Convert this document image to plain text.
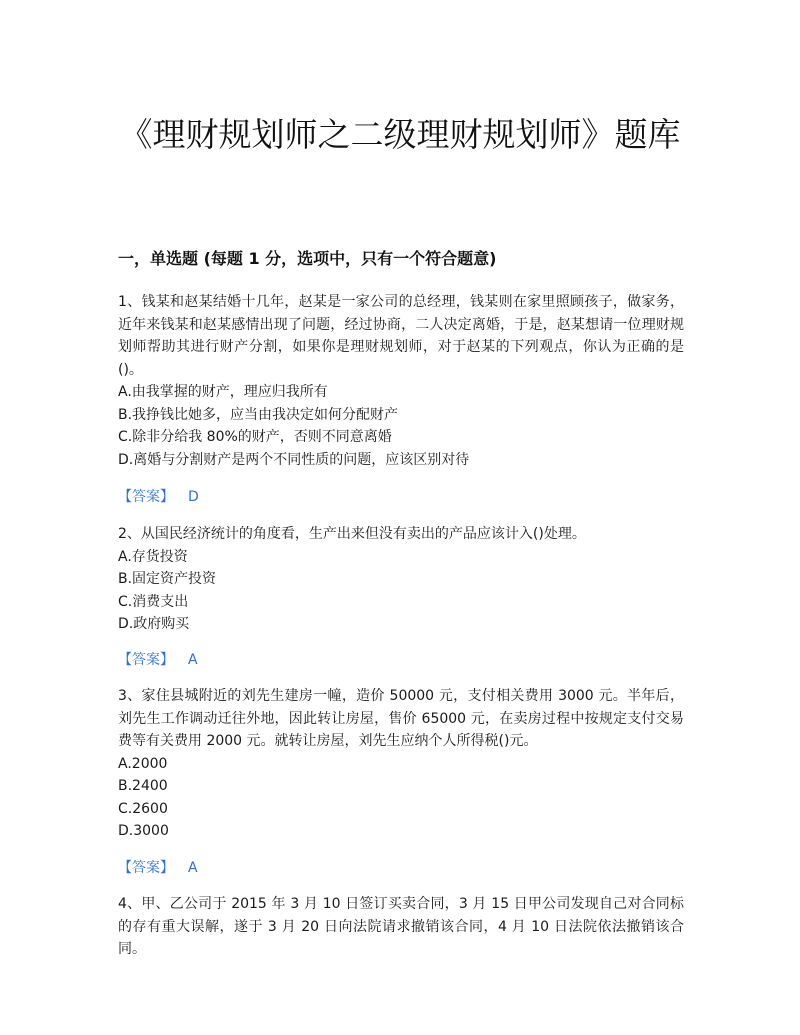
《理财规划师之二级理财规划师》题库
一，单选题 (每题 1 分，选项中，只有一个符合题意)

1、钱某和赵某结婚十几年，赵某是一家公司的总经理，钱某则在家里照顾孩子，做家务，近年来钱某和赵某感情出现了问题，经过协商，二人决定离婚，于是，赵某想请一位理财规划师帮助其进行财产分割，如果你是理财规划师，对于赵某的下列观点，你认为正确的是()。

A.由我掌握的财产，理应归我所有

B.我挣钱比她多，应当由我决定如何分配财产

C.除非分给我 80%的财产，否则不同意离婚

D.离婚与分割财产是两个不同性质的问题，应该区别对待

【答案】 D

2、从国民经济统计的角度看，生产出来但没有卖出的产品应该计入()处理。

A.存货投资

B.固定资产投资

C.消费支出

D.政府购买

【答案】 A

3、家住县城附近的刘先生建房一幢，造价 50000 元，支付相关费用 3000 元。半年后，刘先生工作调动迁往外地，因此转让房屋，售价 65000 元，在卖房过程中按规定支付交易费等有关费用 2000 元。就转让房屋，刘先生应纳个人所得税()元。

A.2000

B.2400

C.2600

D.3000

【答案】 A

4、甲、乙公司于 2015 年 3 月 10 日签订买卖合同，3 月 15 日甲公司发现自己对合同标的存有重大误解，遂于 3 月 20 日向法院请求撤销该合同，4 月 10 日法院依法撤销该合同。
